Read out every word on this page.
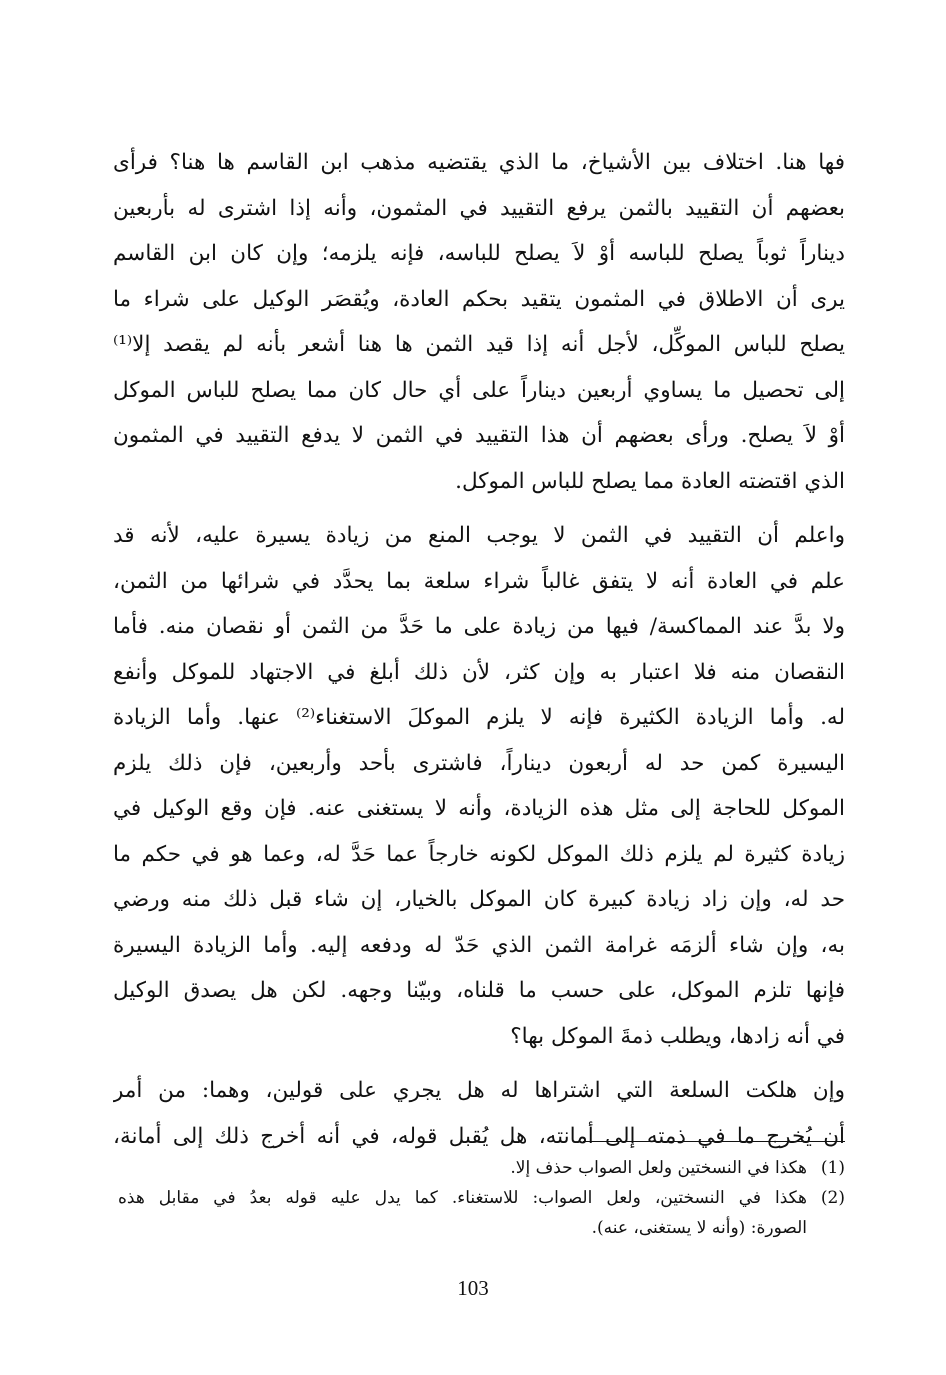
فها هنا. اختلاف بين الأشياخ، ما الذي يقتضيه مذهب ابن القاسم ها هنا؟ فرأى
بعضهم أن التقييد بالثمن يرفع التقييد في المثمون، وأنه إذا اشترى له بأربعين
ديناراً ثوباً يصلح للباسه أوْ لاَ يصلح للباسه، فإنه يلزمه؛ وإن كان ابن القاسم
يرى أن الاطلاق في المثمون يتقيد بحكم العادة، ويُقصَر الوكيل على شراء ما
يصلح للباس الموكِّل، لأجل أنه إذا قيد الثمن ها هنا أشعر بأنه لم يقصد إلا⁽¹⁾
إلى تحصيل ما يساوي أربعين ديناراً على أي حال كان مما يصلح للباس الموكل
أوْ لاَ يصلح. ورأى بعضهم أن هذا التقييد في الثمن لا يدفع التقييد في المثمون
الذي اقتضته العادة مما يصلح للباس الموكل.
واعلم أن التقييد في الثمن لا يوجب المنع من زيادة يسيرة عليه، لأنه قد
علم في العادة أنه لا يتفق غالباً شراء سلعة بما يحدَّد في شرائها من الثمن،
ولا بدَّ عند المماكسة/ فيها من زيادة على ما حَدَّ من الثمن أو نقصان منه. فأما
النقصان منه فلا اعتبار به وإن كثر، لأن ذلك أبلغ في الاجتهاد للموكل وأنفع
له. وأما الزيادة الكثيرة فإنه لا يلزم الموكلَ الاستغناء⁽²⁾ عنها. وأما الزيادة
اليسيرة كمن حد له أربعون ديناراً، فاشترى بأحد وأربعين، فإن ذلك يلزم
الموكل للحاجة إلى مثل هذه الزيادة، وأنه لا يستغنى عنه. فإن وقع الوكيل في
زيادة كثيرة لم يلزم ذلك الموكل لكونه خارجاً عما حَدَّ له، وعما هو في حكم ما
حد له، وإن زاد زيادة كبيرة كان الموكل بالخيار، إن شاء قبل ذلك منه ورضي
به، وإن شاء ألزمَه غرامة الثمن الذي حَدّ له ودفعه إليه. وأما الزيادة اليسيرة
فإنها تلزم الموكل، على حسب ما قلناه، وبيّنا وجهه. لكن هل يصدق الوكيل
في أنه زادها، ويطلب ذمةَ الموكل بها؟
وإن هلكت السلعة التي اشتراها له هل يجري على قولين، وهما: من أمر
أن يُخرج ما في ذمته إلى أمانته، هل يُقبل قوله، في أنه أخرج ذلك إلى أمانة،
(1)
هكذا في النسختين ولعل الصواب حذف إلا.
(2)
هكذا في النسختين، ولعل الصواب: للاستغناء. كما يدل عليه قوله بعدُ في مقابل هذه
الصورة: (وأنه لا يستغنى، عنه).
103
